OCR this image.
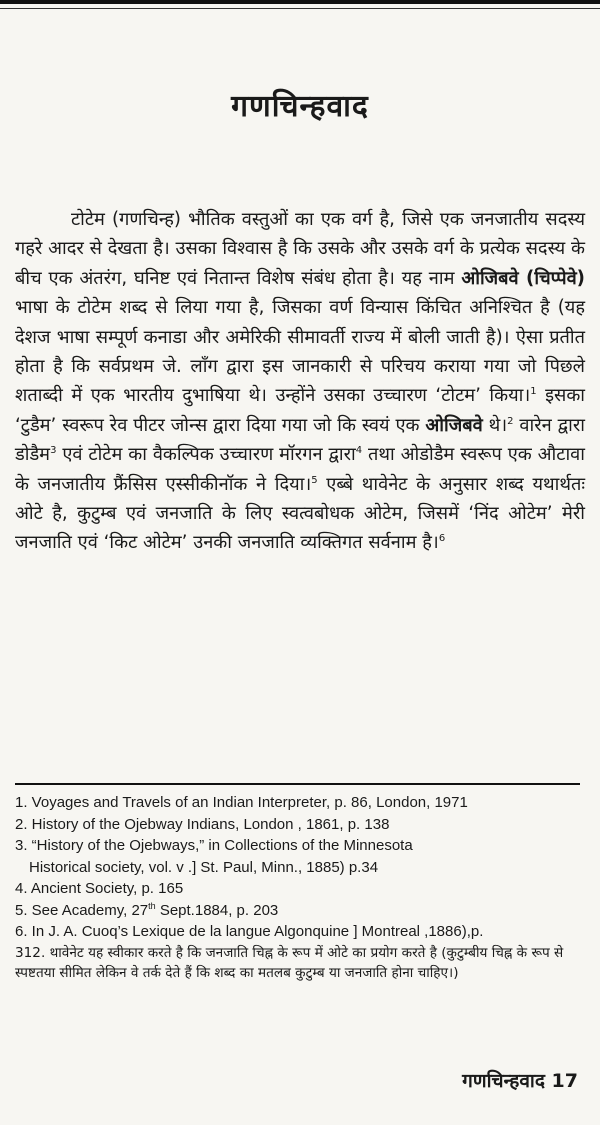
गणचिन्हवाद

टोटेम (गणचिन्ह) भौतिक वस्तुओं का एक वर्ग है, जिसे एक जनजातीय सदस्य गहरे आदर से देखता है। उसका विश्वास है कि उसके और उसके वर्ग के प्रत्येक सदस्य के बीच एक अंतरंग, घनिष्ट एवं नितान्त विशेष संबंध होता है। यह नाम ओजिबवे (चिप्पेवे) भाषा के टोटेम शब्द से लिया गया है, जिसका वर्ण विन्यास किंचित अनिश्चित है (यह देशज भाषा सम्पूर्ण कनाडा और अमेरिकी सीमावर्ती राज्य में बोली जाती है)। ऐसा प्रतीत होता है कि सर्वप्रथम जे. लाँग द्वारा इस जानकारी से परिचय कराया गया जो पिछले शताब्दी में एक भारतीय दुभाषिया थे। उन्होंने उसका उच्चारण ‘टोटम’ किया।$^1$ इसका ‘टुडैम’ स्वरूप रेव पीटर जोन्स द्वारा दिया गया जो कि स्वयं एक ओजिबवे थे।$^2$ वारेन द्वारा डोडैम$^3$ एवं टोटेम का वैकल्पिक उच्चारण मॉरगन द्वारा$^4$ तथा ओडोडैम स्वरूप एक औटावा के जनजातीय फ्रैंसिस एस्सीकीनॉक ने दिया।$^5$ एब्बे थावेनेट के अनुसार शब्द यथार्थतः ओटे है, कुटुम्ब एवं जनजाति के लिए स्वत्वबोधक ओटेम, जिसमें ‘निंद ओटेम’ मेरी जनजाति एवं ‘किट ओटेम’ उनकी जनजाति व्यक्तिगत सर्वनाम है।$^6$

1. Voyages and Travels of an Indian Interpreter, p. 86, London, 1971

2. History of the Ojebway Indians, London , 1861, p. 138

3. “History of the Ojebways,” in Collections of the Minnesota
Historical society, vol. v .] St. Paul, Minn., 1885) p.34

4. Ancient Society, p. 165

5. See Academy, 27th Sept.1884, p. 203

6. In J. A. Cuoq’s Lexique de la langue Algonquine ] Montreal ,1886),p.

312. थावेनेट यह स्वीकार करते है कि जनजाति चिह्न के रूप में ओटे का प्रयोग करते है (कुटुम्बीय चिह्न के रूप से स्पष्टतया सीमित लेकिन वे तर्क देते हैं कि शब्द का मतलब कुटुम्ब या जनजाति होना चाहिए।)

गणचिन्हवाद 17
